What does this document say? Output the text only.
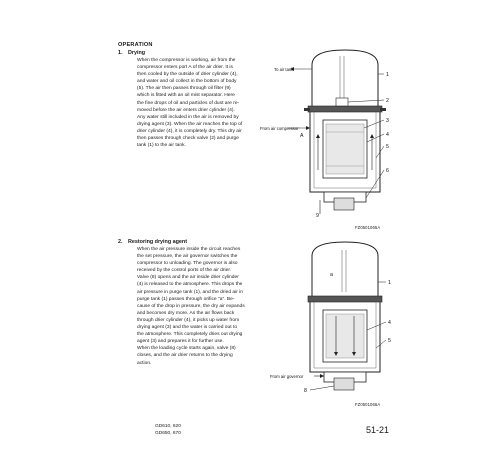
OPERATION
1. Drying

When the compressor is working, air from the
compressor enters port A of the air drier. It is
then cooled by the outside of drier cylinder (4),
and water and oil collect in the bottom of body
(5). The air then passes through oil filter (9)
which is fitted with an oil mist separator. Here
the fine drops of oil and particles of dust are re-
moved before the air enters drier cylinder (4).
Any water still included in the air is removed by
drying agent (3). When the air reaches the top of
drier cylinder (4), it is completely dry. This dry air
then passes through check valve (2) and purge
tank (1) to the air tank.

To air tank
From air compressor
A
1
2
3
4
5
6
9
FZ0501065A
2. Restoring drying agent

When the air pressure inside the circuit reaches
the set pressure, the air governor switches the
compressor to unloading. The governor is also
received by the control ports of the air drier.
Valve (8) opens and the air inside drier cylinder
(4) is released to the atmosphere. This drops the
air pressure in purge tank (1), and the dried air in
purge tank (1) passes through orifice "a". Be-
cause of the drop in pressure, the dry air expands
and becomes dry more. As the air flows back
through drier cylinder (4), it picks up water from
drying agent (3) and the water is carried out to
the atmosphere. This completely dries out drying
agent (3) and prepares it for further use.
When the loading cycle starts again, valve (8)
closes, and the air drier returns to the drying
action.

From air governor
a
1
4
5
8
FZ0501066A
GD610, 620
GD650, 670	51-21
